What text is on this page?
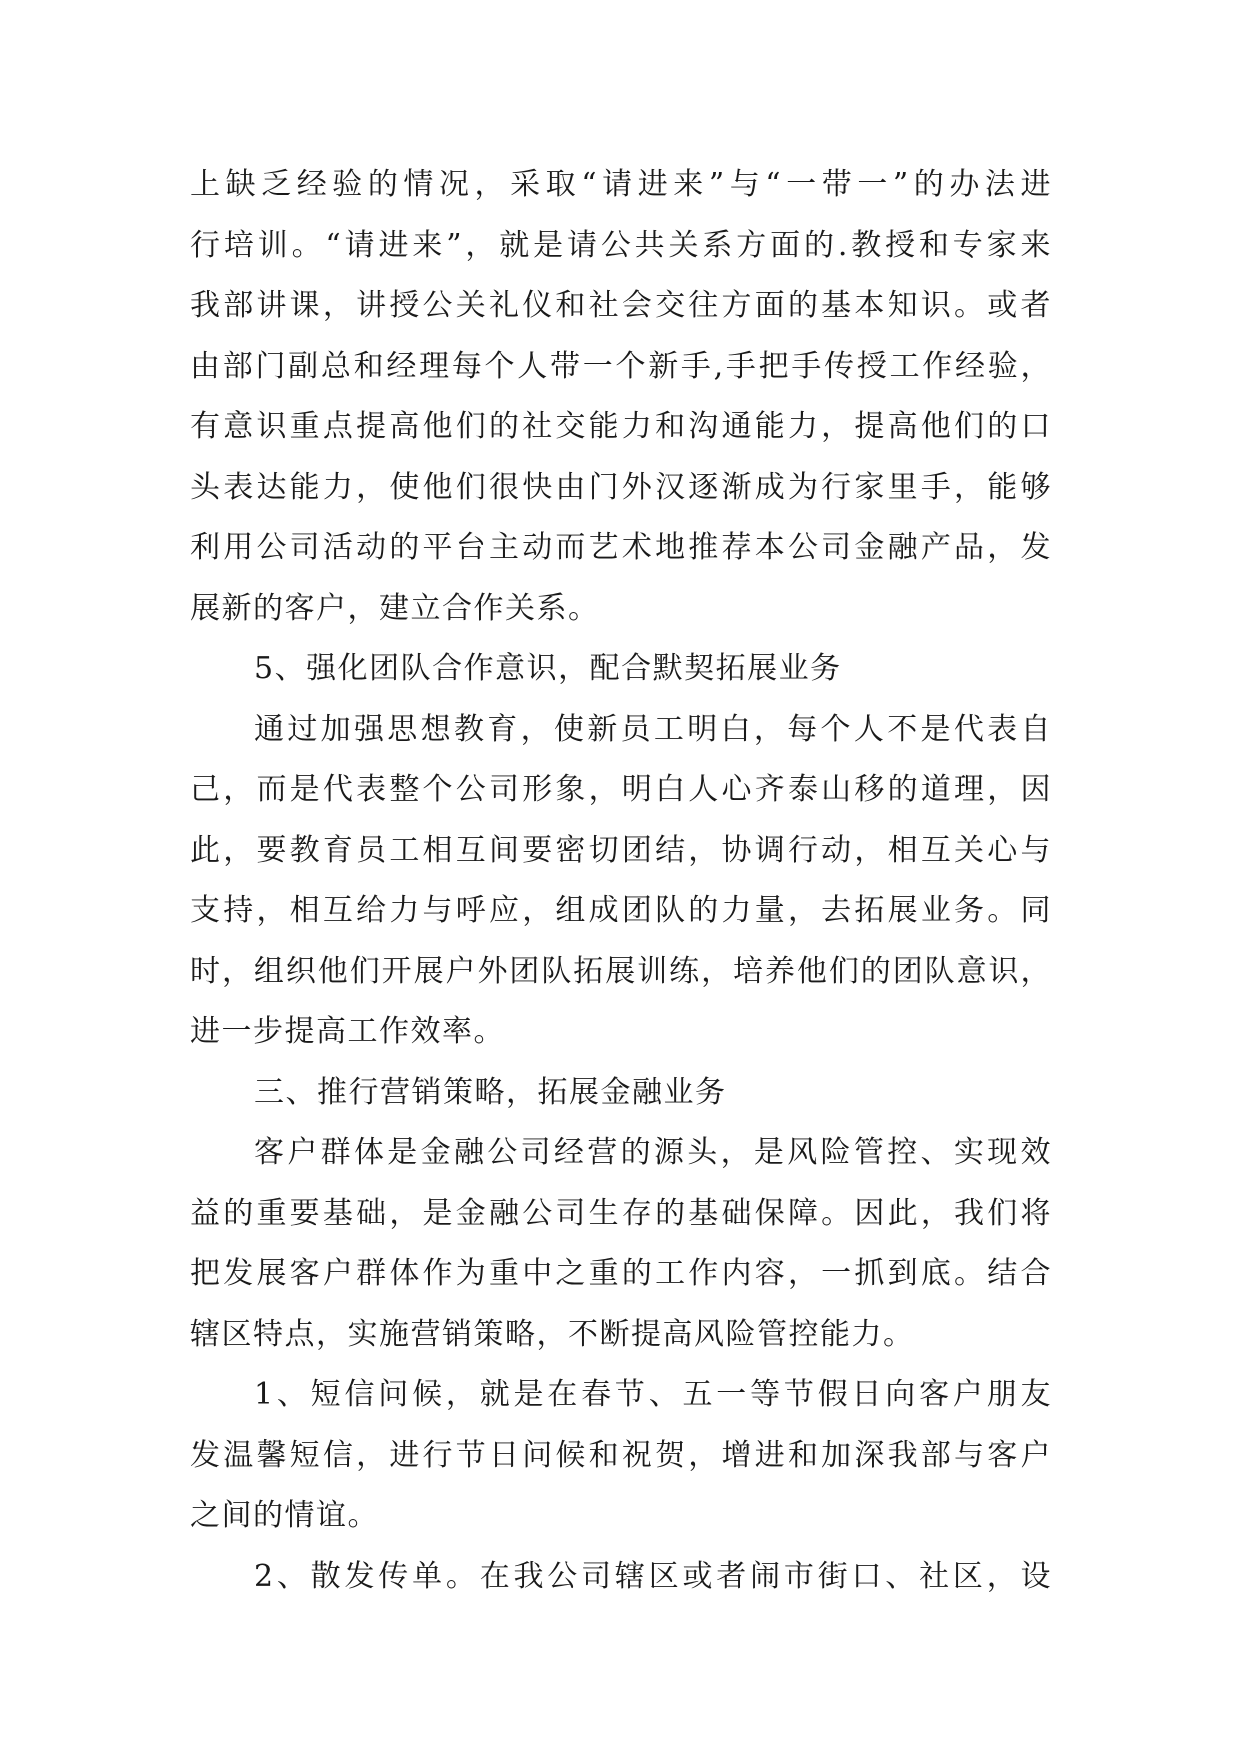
上缺乏经验的情况，采取“请进来”与“一带一”的办法进
行培训。“请进来”，就是请公共关系方面的.教授和专家来
我部讲课，讲授公关礼仪和社会交往方面的基本知识。或者
由部门副总和经理每个人带一个新手,手把手传授工作经验，
有意识重点提高他们的社交能力和沟通能力，提高他们的口
头表达能力，使他们很快由门外汉逐渐成为行家里手，能够
利用公司活动的平台主动而艺术地推荐本公司金融产品，发
展新的客户，建立合作关系。
5、强化团队合作意识，配合默契拓展业务
通过加强思想教育，使新员工明白，每个人不是代表自
己，而是代表整个公司形象，明白人心齐泰山移的道理，因
此，要教育员工相互间要密切团结，协调行动，相互关心与
支持，相互给力与呼应，组成团队的力量，去拓展业务。同
时，组织他们开展户外团队拓展训练，培养他们的团队意识，
进一步提高工作效率。
三、推行营销策略，拓展金融业务
客户群体是金融公司经营的源头，是风险管控、实现效
益的重要基础，是金融公司生存的基础保障。因此，我们将
把发展客户群体作为重中之重的工作内容，一抓到底。结合
辖区特点，实施营销策略，不断提高风险管控能力。
1、短信问候，就是在春节、五一等节假日向客户朋友
发温馨短信，进行节日问候和祝贺，增进和加深我部与客户
之间的情谊。
2、散发传单。在我公司辖区或者闹市街口、社区，设
